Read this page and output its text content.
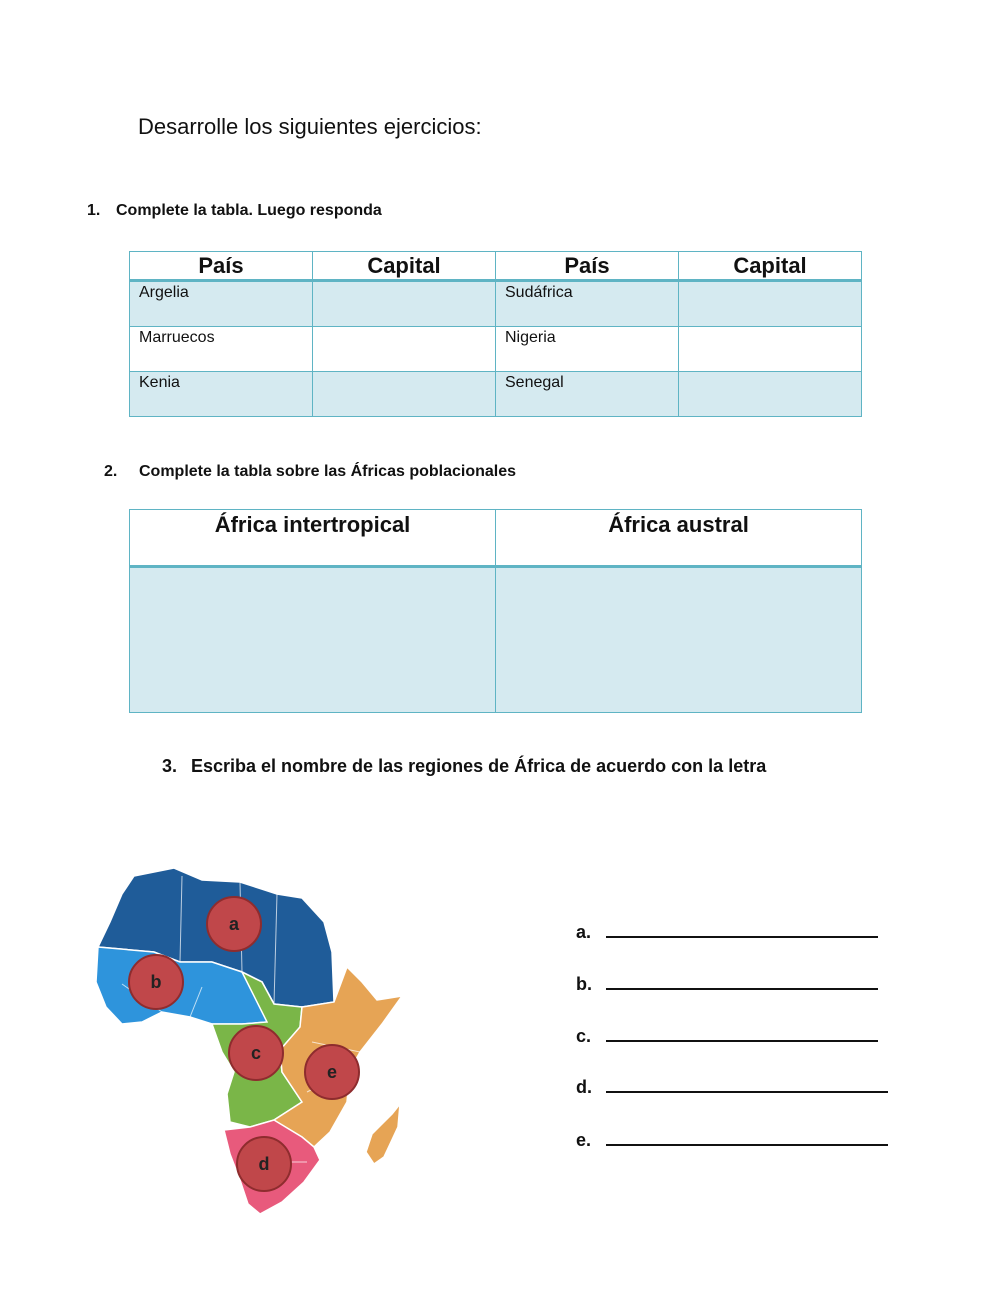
Desarrolle los siguientes ejercicios:
1. Complete la tabla. Luego responda
País	Capital	País	Capital
Argelia		Sudáfrica	
Marruecos		Nigeria	
Kenia		Senegal	
2. Complete la tabla sobre las Áfricas poblacionales
África intertropical	África austral

3. Escriba el nombre de las regiones de África de acuerdo con la letra
a
b
c
d
e
a.
b.
c.
d.
e.
